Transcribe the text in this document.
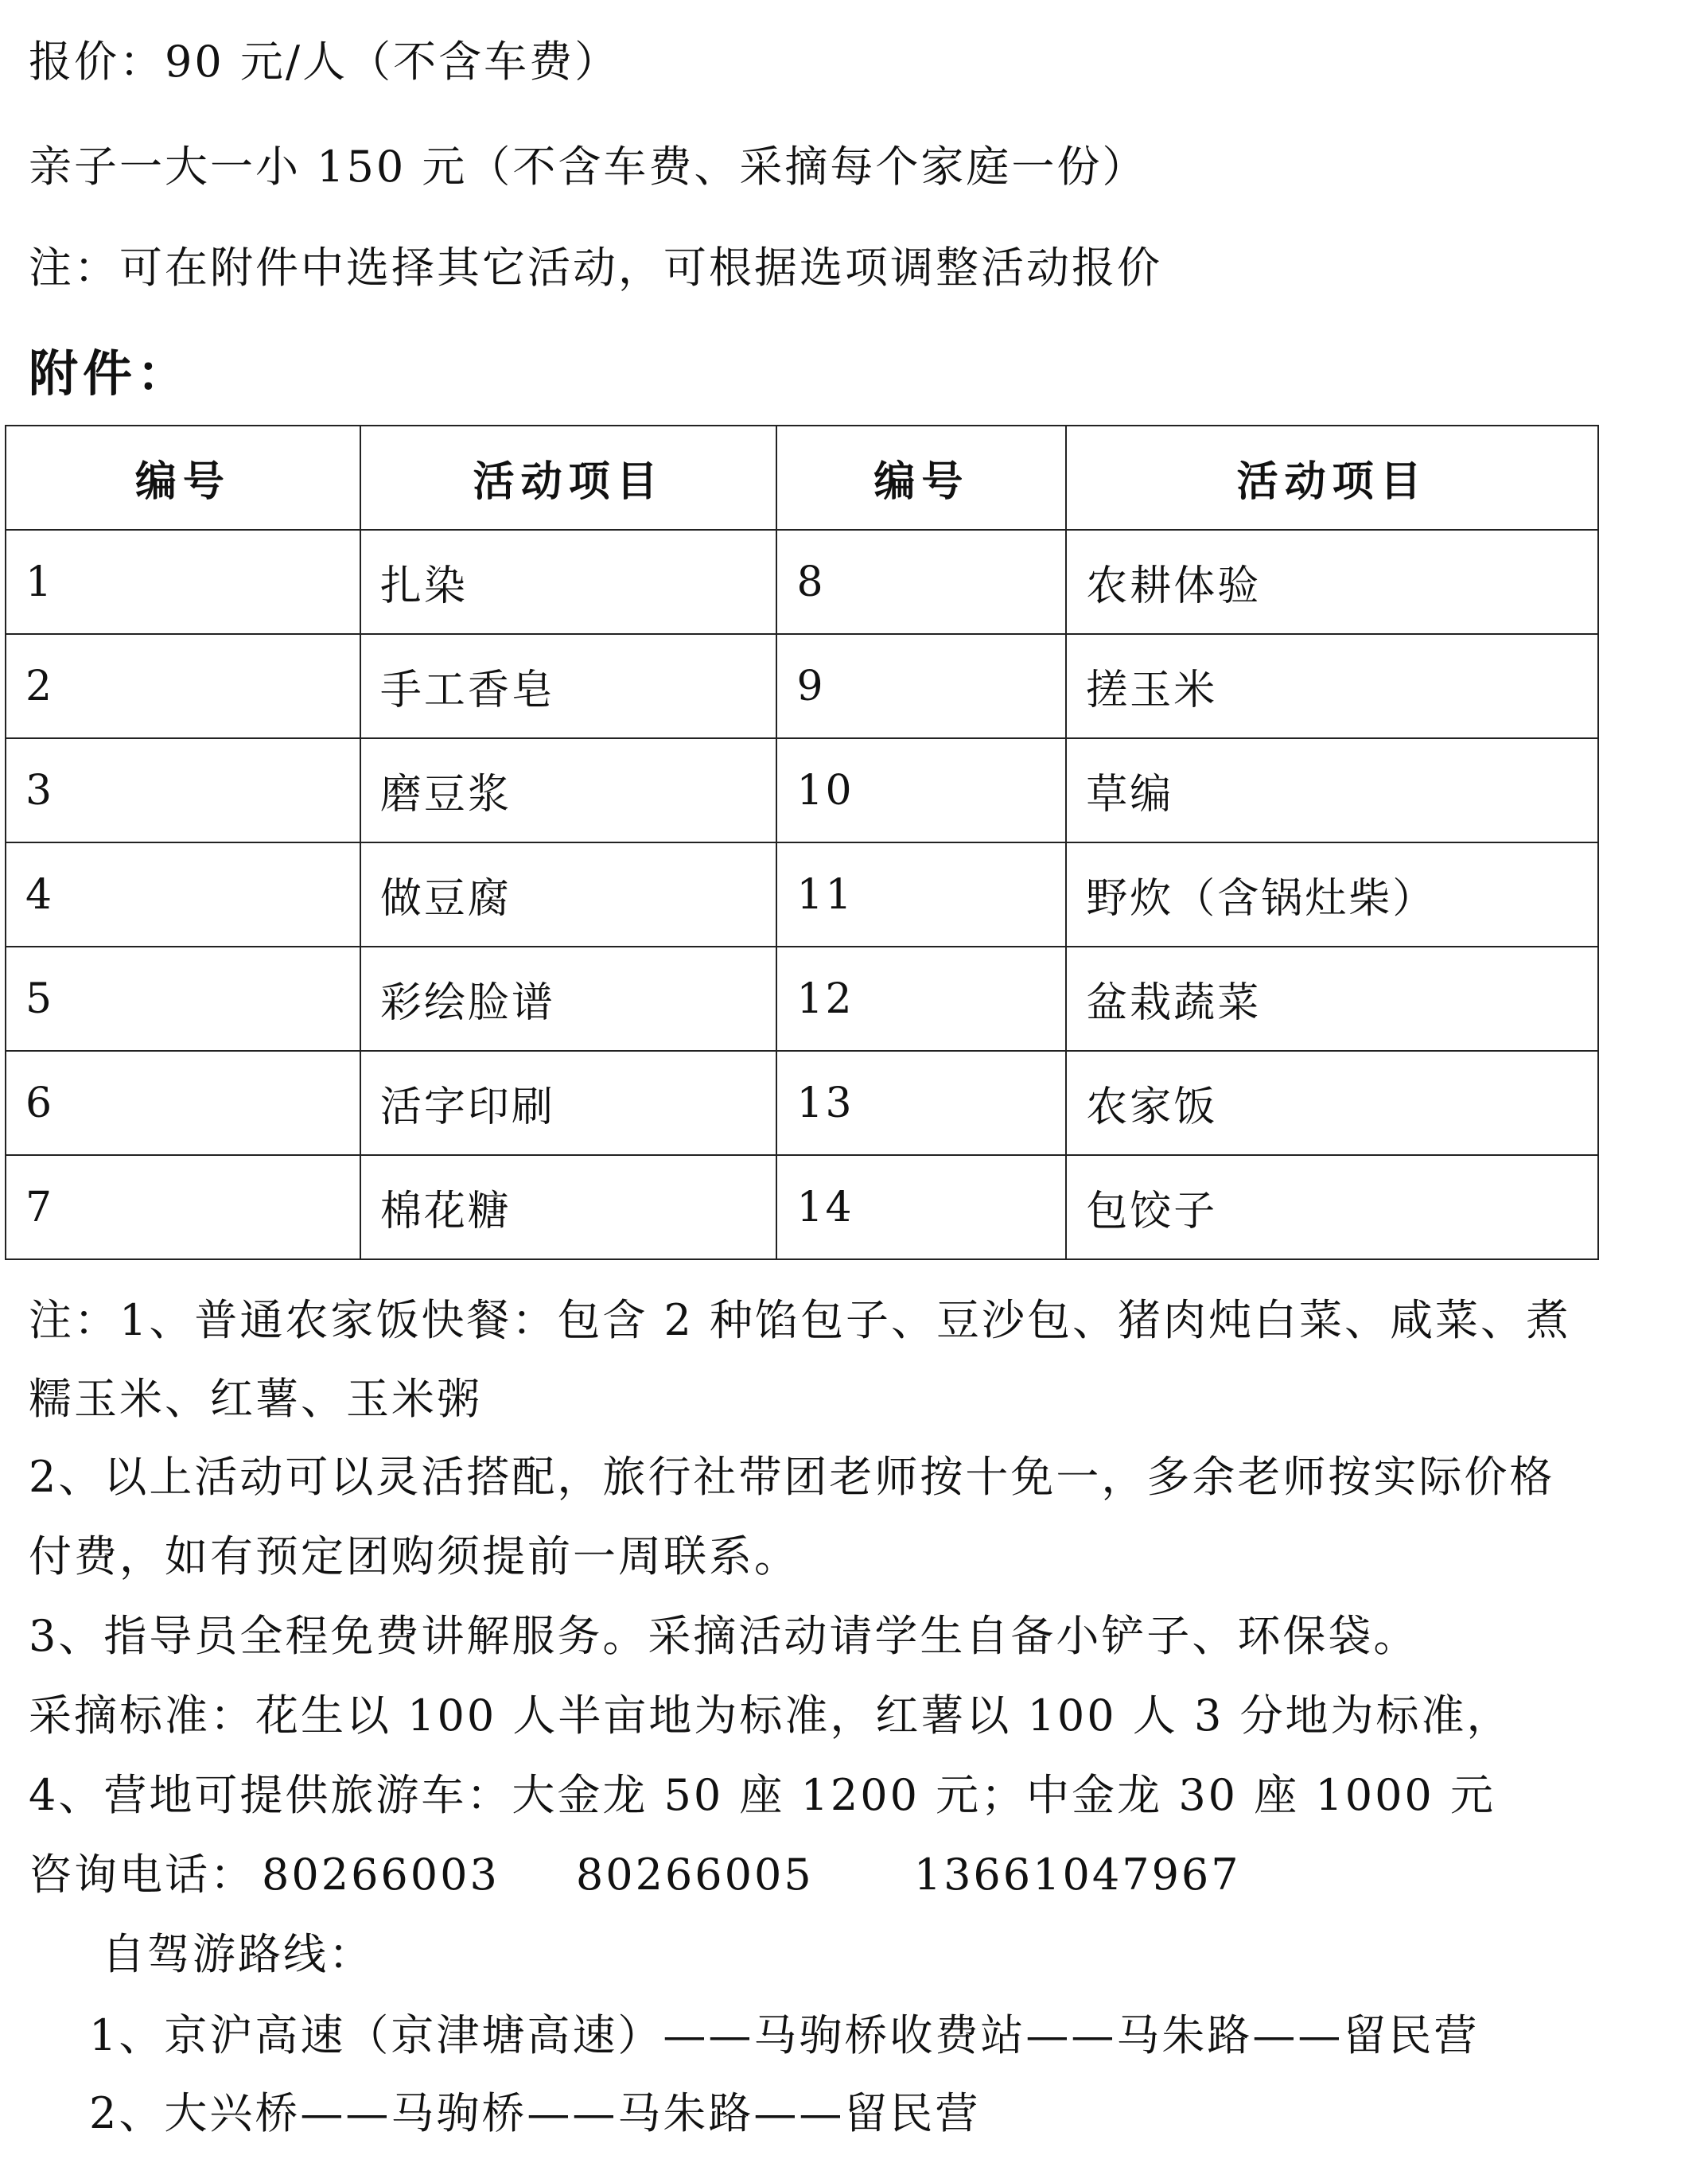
报价：90 元/人（不含车费）
亲子一大一小 150 元（不含车费、采摘每个家庭一份）
注：可在附件中选择其它活动，可根据选项调整活动报价
附件：
编号	活动项目	编号	活动项目
1	扎染	8	农耕体验
2	手工香皂	9	搓玉米
3	磨豆浆	10	草编
4	做豆腐	11	野炊（含锅灶柴）
5	彩绘脸谱	12	盆栽蔬菜
6	活字印刷	13	农家饭
7	棉花糖	14	包饺子
注：1、普通农家饭快餐：包含 2 种馅包子、豆沙包、猪肉炖白菜、咸菜、煮
糯玉米、红薯、玉米粥
2、以上活动可以灵活搭配，旅行社带团老师按十免一，多余老师按实际价格
付费，如有预定团购须提前一周联系。
3、指导员全程免费讲解服务。采摘活动请学生自备小铲子、环保袋。
采摘标准：花生以 100 人半亩地为标准，红薯以 100 人 3 分地为标准，
4、营地可提供旅游车：大金龙 50 座 1200 元；中金龙 30 座 1000 元
咨询电话： 80266003 80266005 13661047967
自驾游路线：
1、京沪高速（京津塘高速）——马驹桥收费站——马朱路——留民营
2、大兴桥——马驹桥——马朱路——留民营
